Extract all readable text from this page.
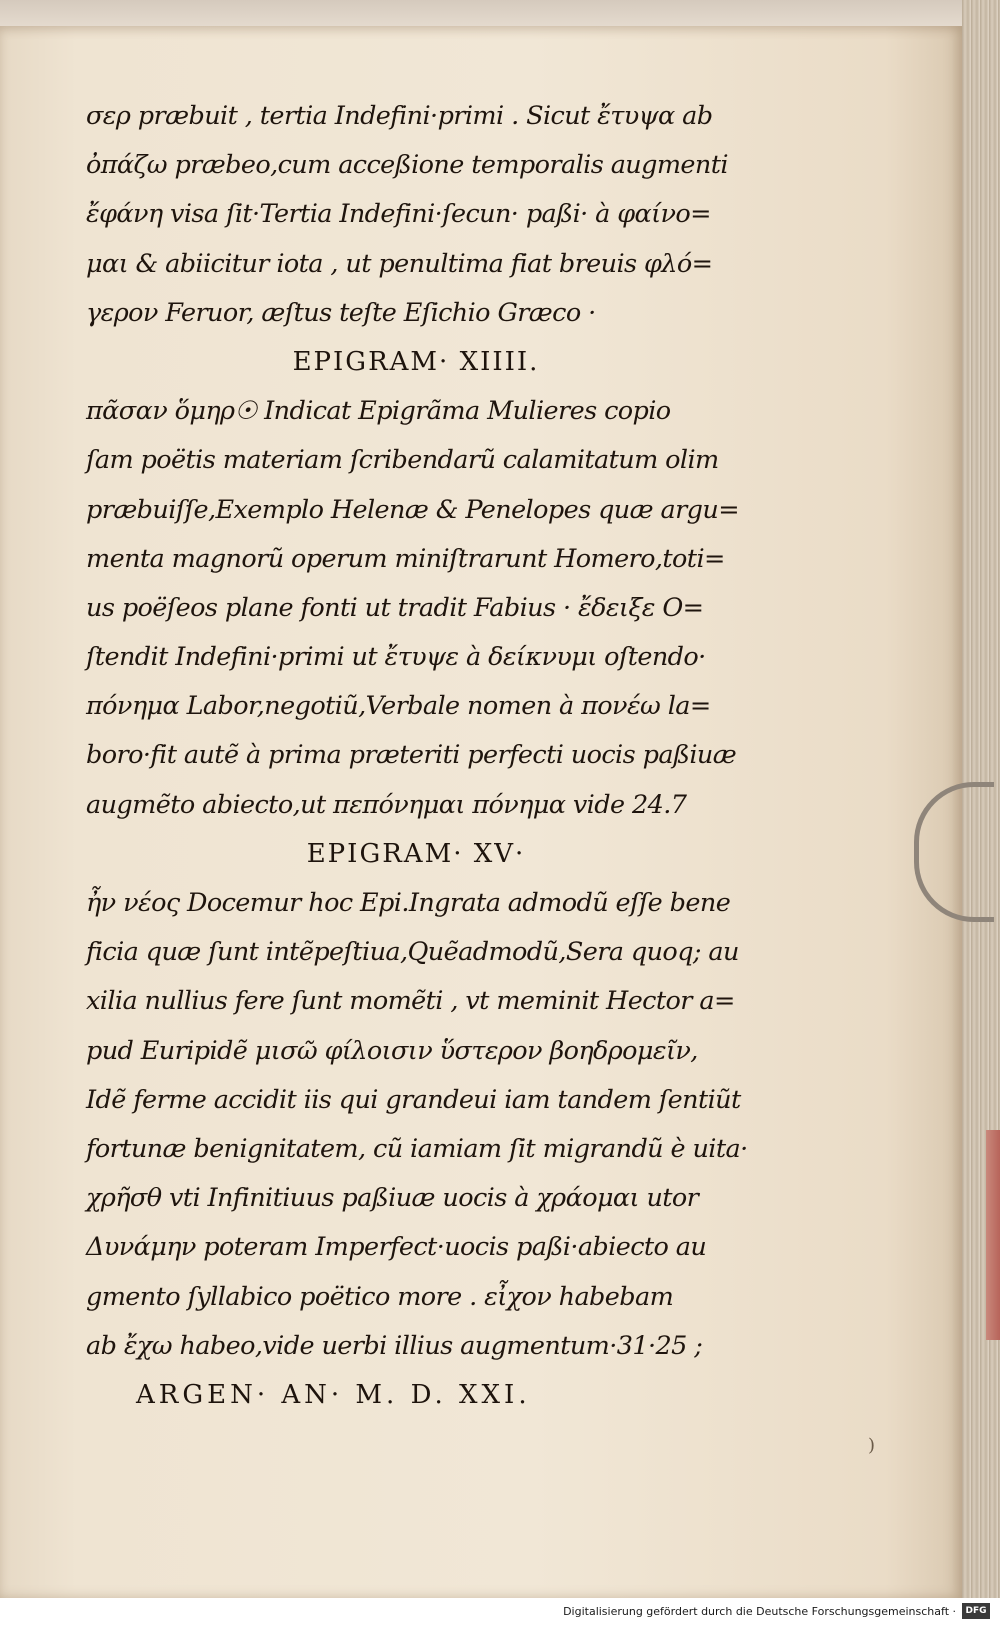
σερ prӕbuit , tertia Indefini·primi . Sicut ἔτυψα ab
ὀπάζω prӕbeo,cum acceßione temporalis augmenti
ἔφάνη visa ſit·Tertia Indefini·ſecun· paßi· à φαίνο=
μαι & abiicitur iota , ut penultima fiat breuis φλό=
γερον Feruor, æſtus teſte Eſichio Græco ·
EPIGRAM· XIIII.
πᾶσαν ὅμηρ☉ Indicat Epigrãma Mulieres copio
ſam poëtis materiam ſcribendarũ calamitatum olim
prӕbuiſſe,Exemplo Helenæ & Penelopes quæ argu=
menta magnorũ operum miniſtrarunt Homero,toti=
us poëſeos plane fonti ut tradit Fabius · ἔδειξε O=
ſtendit Indefini·primi ut ἔτυψε à δείκνυμι oſtendo·
πόνημα Labor,negotiũ,Verbale nomen à πονέω la=
boro·fit autẽ à prima prӕteriti perfecti uocis paßiuæ
augmẽto abiecto,ut πεπόνημαι πόνημα vide 24.7
EPIGRAM· XV·
ἦν νέος Docemur hoc Epi.Ingrata admodũ eſſe bene
ficia quæ ſunt intẽpeſtiua,Quẽadmodũ,Sera quoq; au
xilia nullius fere ſunt momẽti , vt meminit Hector a=
pud Euripidẽ μισῶ φίλοισιν ὕστερον βοηδρομεῖν,
Idẽ ferme accidit iis qui grandeui iam tandem ſentiũt
fortunæ benignitatem, cũ iamiam ſit migrandũ è uita·
χρῆσθ vti Infinitiuus paßiuæ uocis à χράομαι utor
Δυνάμην poteram Imperfect·uocis paßi·abiecto au
gmento ſyllabico poëtico more . εἶχον habebam
ab ἔχω habeo,vide uerbi illius augmentum·31·25 ;
ARGEN· AN· M. D. XXI.
)
Digitalisierung gefördert durch die Deutsche Forschungsgemeinschaft ·	DFG
